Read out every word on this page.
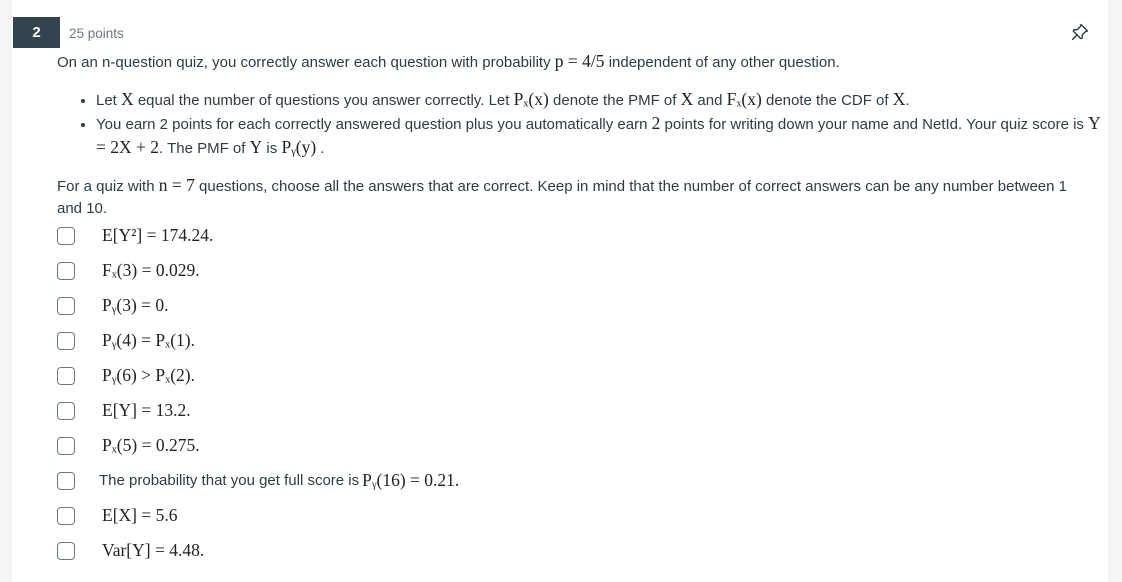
2	25 points
On an n-question quiz, you correctly answer each question with probability p = 4/5 independent of any other question.
• Let X equal the number of questions you answer correctly. Let Pₓ(x) denote the PMF of X and Fₓ(x) denote the CDF of X.
• You earn 2 points for each correctly answered question plus you automatically earn 2 points for writing down your name and NetId. Your quiz score is Y = 2X + 2. The PMF of Y is Pᵧ(y) .
For a quiz with n = 7 questions, choose all the answers that are correct. Keep in mind that the number of correct answers can be any number between 1 and 10.
E[Y²] = 174.24.
Fₓ(3) = 0.029.
Pᵧ(3) = 0.
Pᵧ(4) = Pₓ(1).
Pᵧ(6) > Pₓ(2).
E[Y] = 13.2.
Pₓ(5) = 0.275.
The probability that you get full score is Pᵧ(16) = 0.21.
E[X] = 5.6
Var[Y] = 4.48.
